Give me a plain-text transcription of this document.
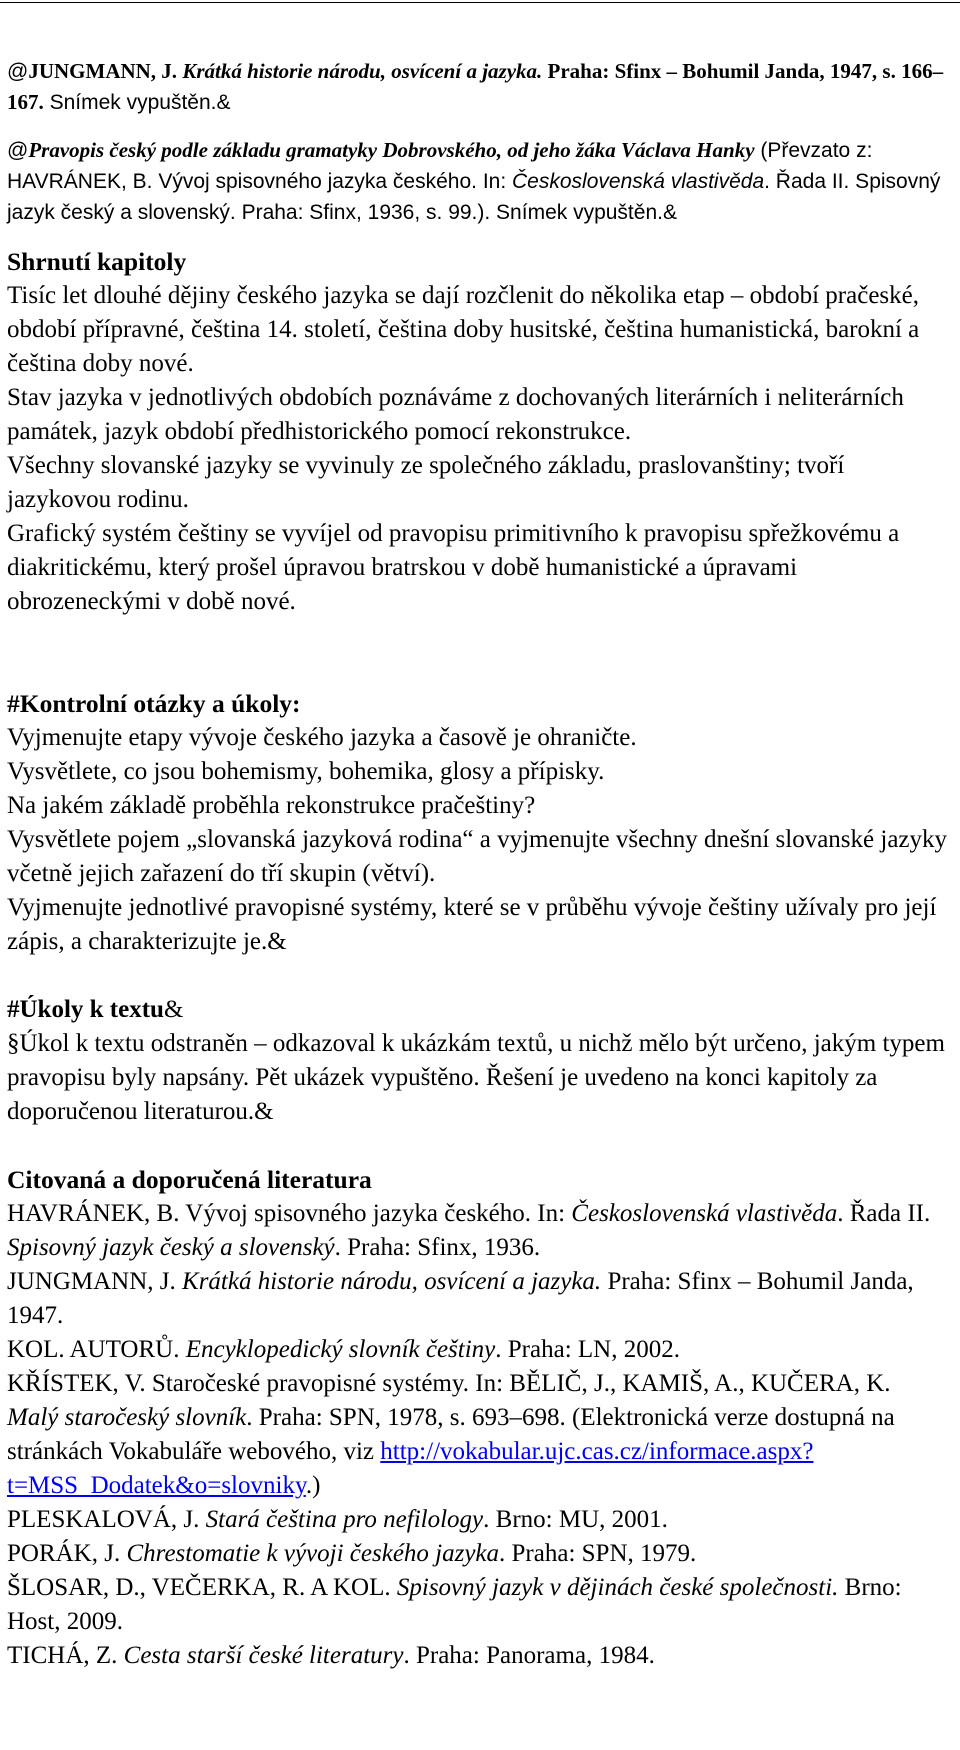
@JUNGMANN, J. Krátká historie národu, osvícení a jazyka. Praha: Sfinx – Bohumil Janda, 1947, s. 166–167. Snímek vypuštěn.&
@Pravopis český podle základu gramatyky Dobrovského, od jeho žáka Václava Hanky (Převzato z: HAVRÁNEK, B. Vývoj spisovného jazyka českého. In: Československá vlastivěda. Řada II. Spisovný jazyk český a slovenský. Praha: Sfinx, 1936, s. 99.). Snímek vypuštěn.&
Shrnutí kapitoly
Tisíc let dlouhé dějiny českého jazyka se dají rozčlenit do několika etap – období pračeské, období přípravné, čeština 14. století, čeština doby husitské, čeština humanistická, barokní a čeština doby nové.
Stav jazyka v jednotlivých obdobích poznáváme z dochovaných literárních i neliterárních památek, jazyk období předhistorického pomocí rekonstrukce.
Všechny slovanské jazyky se vyvinuly ze společného základu, praslovanštiny; tvoří jazykovou rodinu.
Grafický systém češtiny se vyvíjel od pravopisu primitivního k pravopisu spřežkovému a diakritickému, který prošel úpravou bratrskou v době humanistické a úpravami obrozeneckými v době nové.
#Kontrolní otázky a úkoly:
Vyjmenujte etapy vývoje českého jazyka a časově je ohraničte.
Vysvětlete, co jsou bohemismy, bohemika, glosy a přípisky.
Na jakém základě proběhla rekonstrukce pračeštiny?
Vysvětlete pojem „slovanská jazyková rodina“ a vyjmenujte všechny dnešní slovanské jazyky včetně jejich zařazení do tří skupin (větví).
Vyjmenujte jednotlivé pravopisné systémy, které se v průběhu vývoje češtiny užívaly pro její zápis, a charakterizujte je.&
#Úkoly k textu&
§Úkol k textu odstraněn – odkazoval k ukázkám textů, u nichž mělo být určeno, jakým typem pravopisu byly napsány. Pět ukázek vypuštěno. Řešení je uvedeno na konci kapitoly za doporučenou literaturou.&
Citovaná a doporučená literatura
HAVRÁNEK, B. Vývoj spisovného jazyka českého. In: Československá vlastivěda. Řada II. Spisovný jazyk český a slovenský. Praha: Sfinx, 1936.
JUNGMANN, J. Krátká historie národu, osvícení a jazyka. Praha: Sfinx – Bohumil Janda, 1947.
KOL. AUTORŮ. Encyklopedický slovník češtiny. Praha: LN, 2002.
KŘÍSTEK, V. Staročeské pravopisné systémy. In: BĚLIČ, J., KAMIŠ, A., KUČERA, K. Malý staročeský slovník. Praha: SPN, 1978, s. 693–698. (Elektronická verze dostupná na stránkách Vokabuláře webového, viz http://vokabular.ujc.cas.cz/informace.aspx?t=MSS_Dodatek&o=slovniky.)
PLESKALOVÁ, J. Stará čeština pro nefilology. Brno: MU, 2001.
PORÁK, J. Chrestomatie k vývoji českého jazyka. Praha: SPN, 1979.
ŠLOSAR, D., VEČERKA, R. A KOL. Spisovný jazyk v dějinách české společnosti. Brno: Host, 2009.
TICHÁ, Z. Cesta starší české literatury. Praha: Panorama, 1984.
